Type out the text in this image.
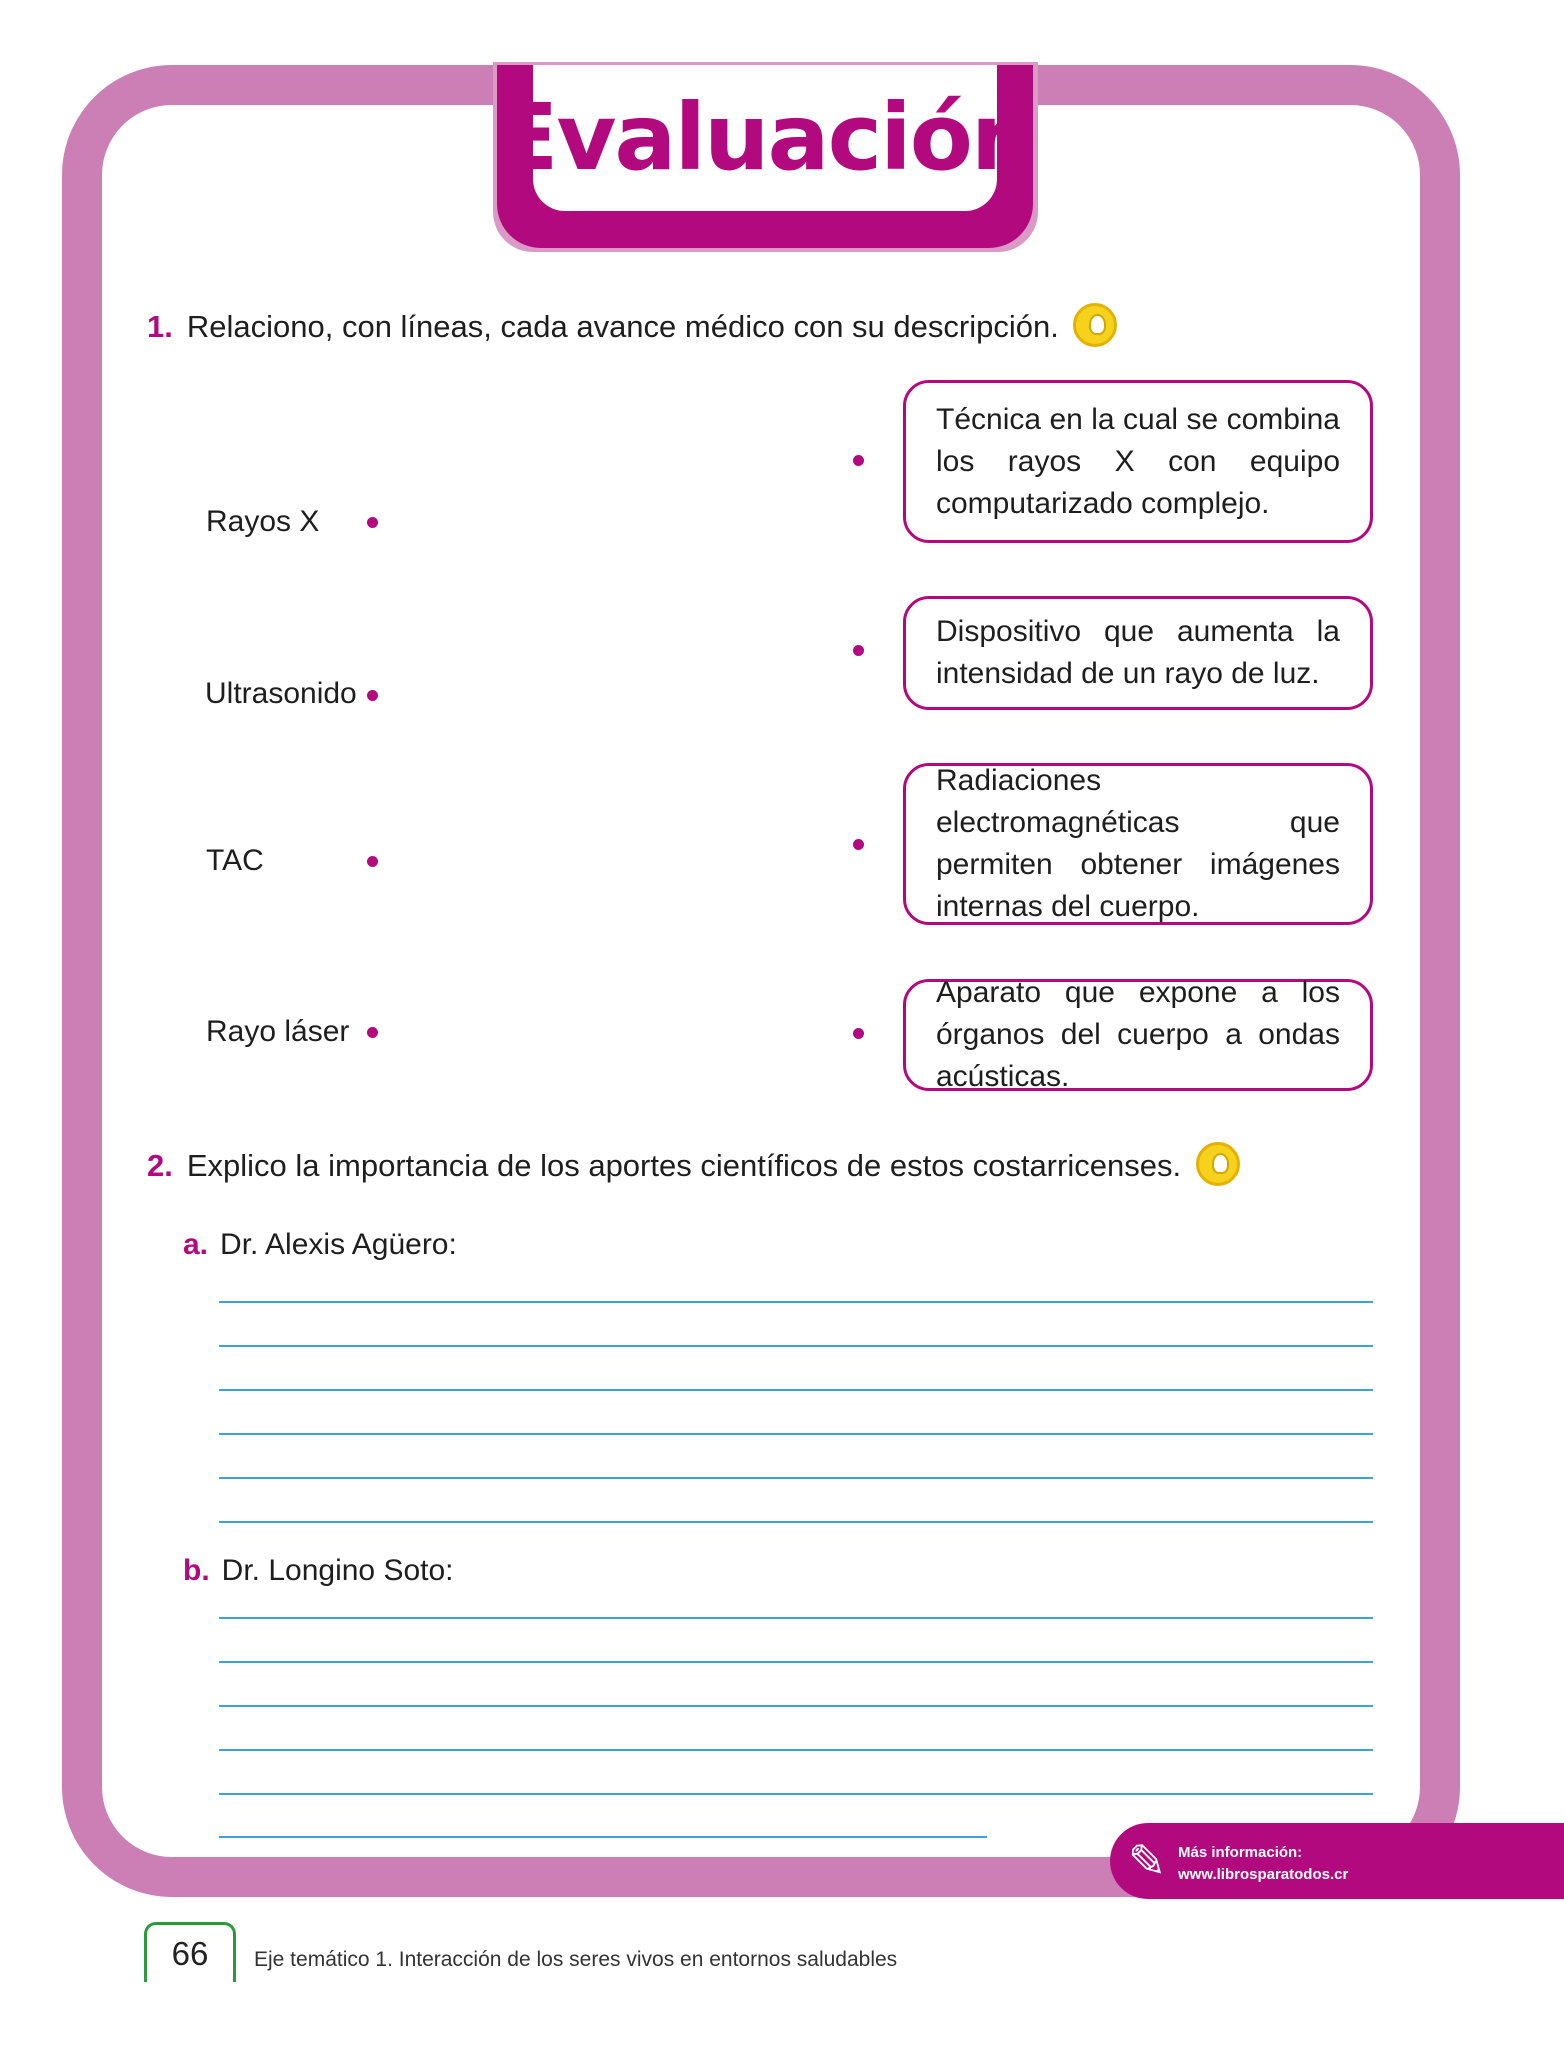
Evaluación
1. Relaciono, con líneas, cada avance médico con su descripción.
Rayos X
Ultrasonido
TAC
Rayo láser
Técnica en la cual se combina los rayos X con equipo computarizado complejo.
Dispositivo que aumenta la intensidad de un rayo de luz.
Radiaciones electromagnéticas que permiten obtener imágenes internas del cuerpo.
Aparato que expone a los órganos del cuerpo a ondas acústicas.
2. Explico la importancia de los aportes científicos de estos costarricenses.
a. Dr. Alexis Agüero:
b. Dr. Longino Soto:
✎ Más información:
www.librosparatodos.cr
66 Eje temático 1. Interacción de los seres vivos en entornos saludables
